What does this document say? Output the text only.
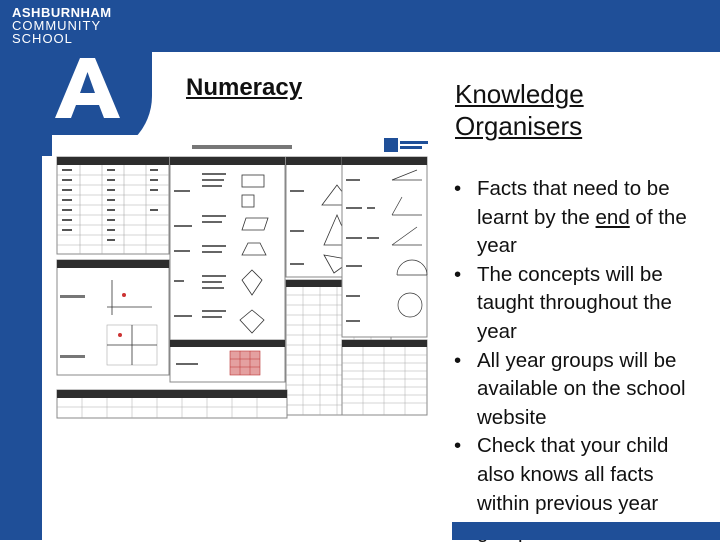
ASHBURNHAM
COMMUNITY
SCHOOL
Numeracy	Knowledge
Organisers
• Facts that need to be
learnt by the end of the
year
• The concepts will be
taught throughout the
year
• All year groups will be
available on the school
website
• Check that your child
also knows all facts
within previous year
